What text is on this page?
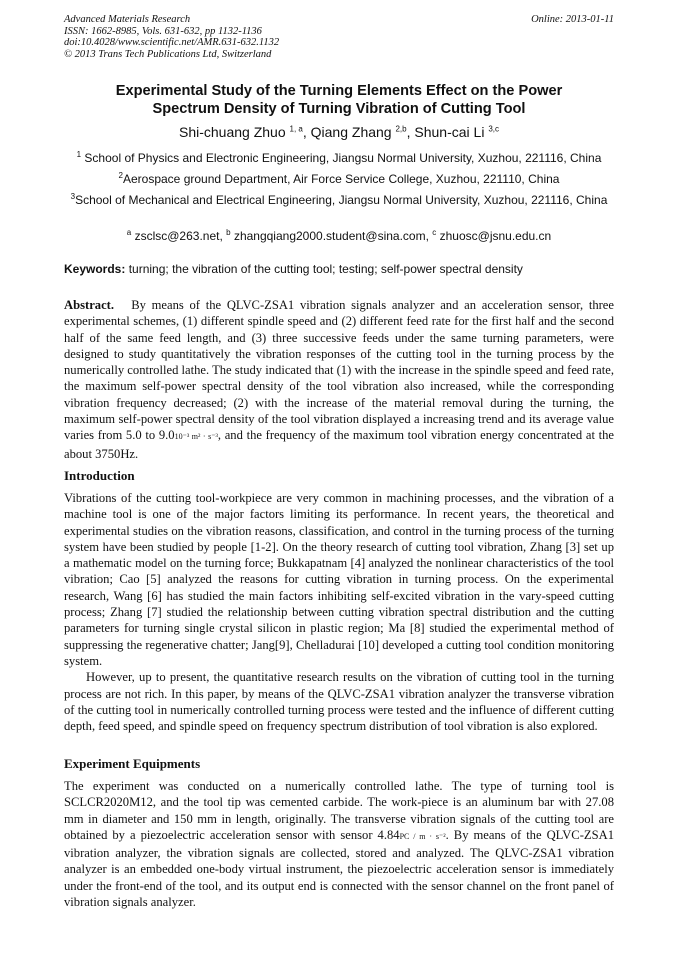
Advanced Materials Research
ISSN: 1662-8985, Vols. 631-632, pp 1132-1136
doi:10.4028/www.scientific.net/AMR.631-632.1132
© 2013 Trans Tech Publications Ltd, Switzerland
Online: 2013-01-11
Experimental Study of the Turning Elements Effect on the Power
Spectrum Density of Turning Vibration of Cutting Tool
Shi-chuang Zhuo $^{1, a}$, Qiang Zhang $^{2,b}$, Shun-cai Li $^{3,c}$
$^1$ School of Physics and Electronic Engineering, Jiangsu Normal University, Xuzhou, 221116, China
$^2$Aerospace ground Department, Air Force Service College, Xuzhou, 221110, China
$^3$School of Mechanical and Electrical Engineering, Jiangsu Normal University, Xuzhou, 221116, China
$^a$ zsclsc@263.net, $^b$ zhangqiang2000.student@sina.com, $^c$ zhuosc@jsnu.edu.cn
Keywords: turning; the vibration of the cutting tool; testing; self-power spectral density
Abstract. By means of the QLVC-ZSA1 vibration signals analyzer and an acceleration sensor, three experimental schemes, (1) different spindle speed and (2) different feed rate for the first half and the second half of the same feed length, and (3) three successive feeds under the same turning parameters, were designed to study quantitatively the vibration responses of the cutting tool in the turning process by the numerically controlled lathe. The study indicated that (1) with the increase in the spindle speed and feed rate, the maximum self-power spectral density of the tool vibration also increased, while the corresponding vibration frequency decreased; (2) with the increase of the material removal during the turning, the maximum self-power spectral density of the tool vibration displayed a increasing trend and its average value varies from 5.0 to 9.010⁻³ m² · s⁻³, and the frequency of the maximum tool vibration energy concentrated at the about 3750Hz.
Introduction
Vibrations of the cutting tool-workpiece are very common in machining processes, and the vibration of a machine tool is one of the major factors limiting its performance. In recent years, the theoretical and experimental studies on the vibration reasons, classification, and control in the turning process of the turning system have been studied by people [1-2]. On the theory research of cutting tool vibration, Zhang [3] set up a mathematic model on the turning force; Bukkapatnam [4] analyzed the nonlinear characteristics of the tool vibration; Cao [5] analyzed the reasons for cutting vibration in turning process. On the experimental research, Wang [6] has studied the main factors inhibiting self-excited vibration in the vary-speed cutting process; Zhang [7] studied the relationship between cutting vibration spectral distribution and the cutting parameters for turning single crystal silicon in plastic region; Ma [8] studied the experimental method of suppressing the regenerative chatter; Jang[9], Chelladurai [10] developed a cutting tool condition monitoring system.
However, up to present, the quantitative research results on the vibration of cutting tool in the turning process are not rich. In this paper, by means of the QLVC-ZSA1 vibration analyzer the transverse vibration of the cutting tool in numerically controlled turning process were tested and the influence of different cutting depth, feed speed, and spindle speed on frequency spectrum distribution of tool vibration is also explored.
Experiment Equipments
The experiment was conducted on a numerically controlled lathe. The type of turning tool is SCLCR2020M12, and the tool tip was cemented carbide. The work-piece is an aluminum bar with 27.08 mm in diameter and 150 mm in length, originally. The transverse vibration signals of the cutting tool are obtained by a piezoelectric acceleration sensor with sensor 4.84PC / m · s⁻². By means of the QLVC-ZSA1 vibration analyzer, the vibration signals are collected, stored and analyzed. The QLVC-ZSA1 vibration analyzer is an embedded one-body virtual instrument, the piezoelectric acceleration sensor is immediately under the front-end of the tool, and its output end is connected with the sensor channel on the front panel of vibration signals analyzer.
